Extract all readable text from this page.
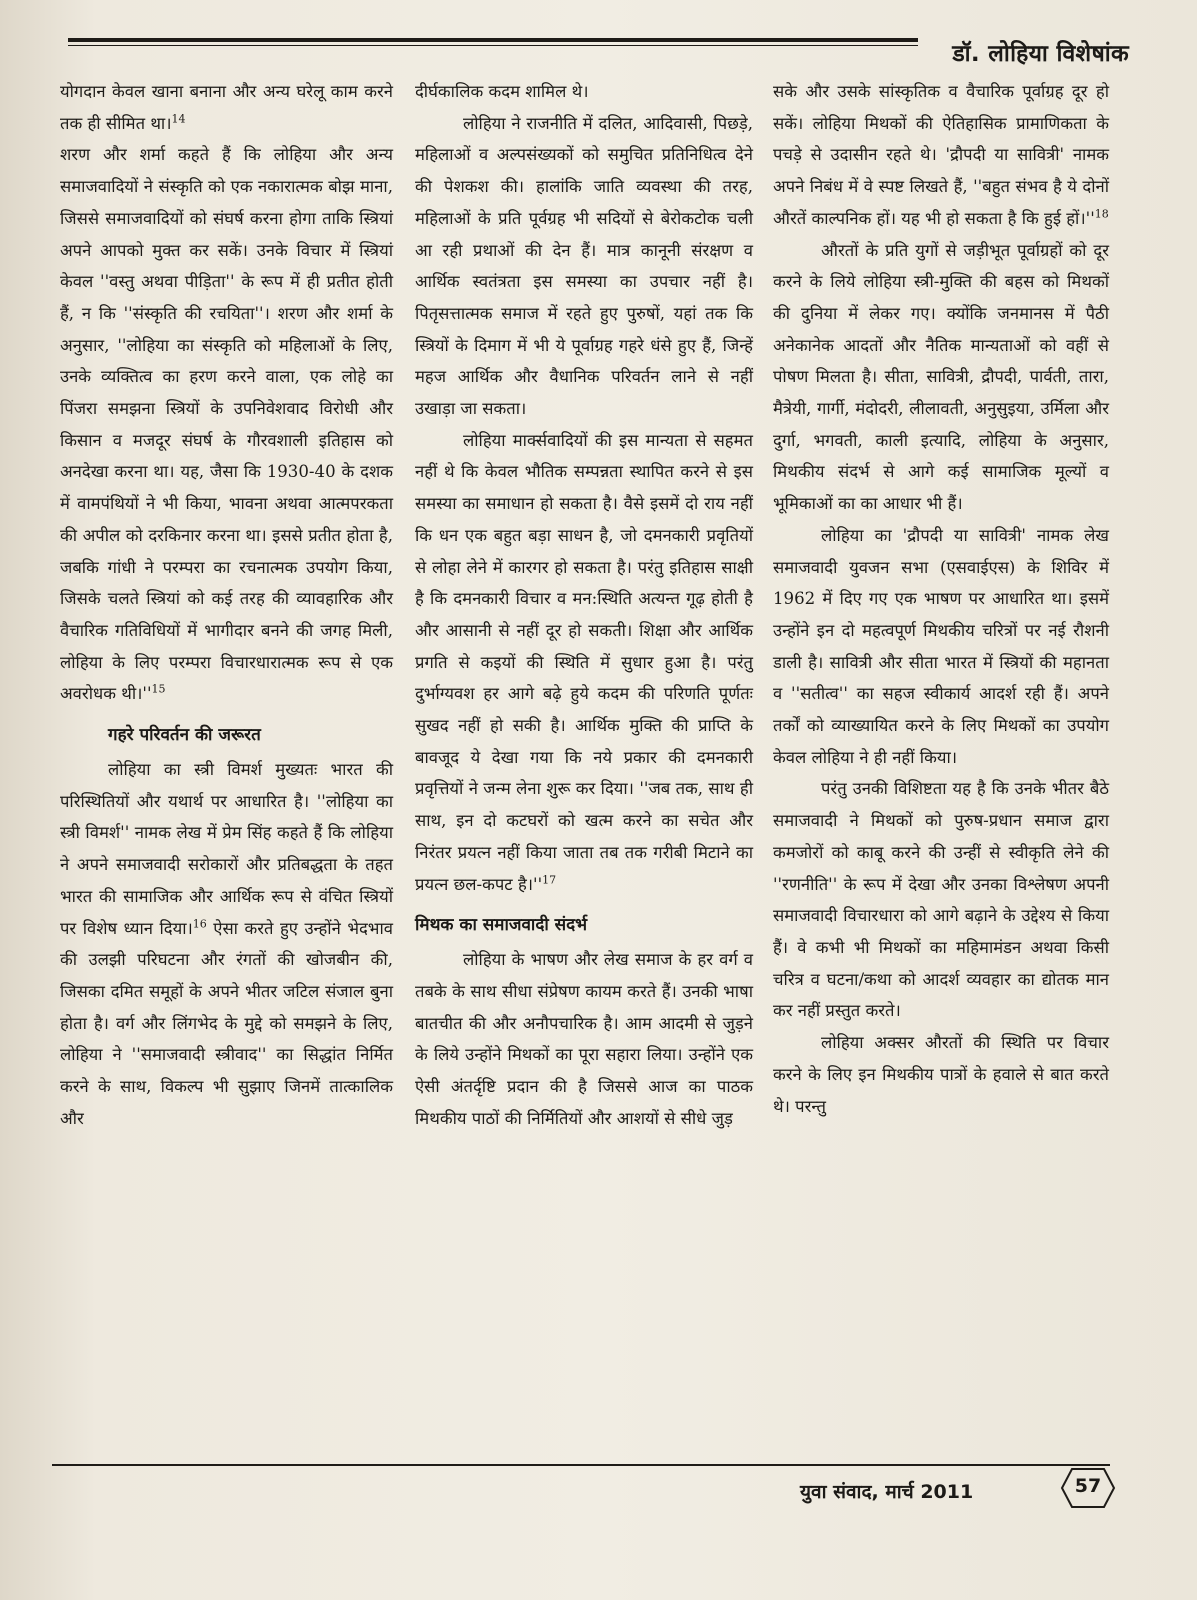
डॉ. लोहिया विशेषांक

योगदान केवल खाना बनाना और अन्य घरेलू काम करने तक ही सीमित था।$^{14}$

शरण और शर्मा कहते हैं कि लोहिया और अन्य समाजवादियों ने संस्कृति को एक नकारात्मक बोझ माना, जिससे समाजवादियों को संघर्ष करना होगा ताकि स्त्रियां अपने आपको मुक्त कर सकें। उनके विचार में स्त्रियां केवल ''वस्तु अथवा पीड़िता'' के रूप में ही प्रतीत होती हैं, न कि ''संस्कृति की रचयिता''। शरण और शर्मा के अनुसार, ''लोहिया का संस्कृति को महिलाओं के लिए, उनके व्यक्तित्व का हरण करने वाला, एक लोहे का पिंजरा समझना स्त्रियों के उपनिवेशवाद विरोधी और किसान व मजदूर संघर्ष के गौरवशाली इतिहास को अनदेखा करना था। यह, जैसा कि 1930-40 के दशक में वामपंथियों ने भी किया, भावना अथवा आत्मपरकता की अपील को दरकिनार करना था। इससे प्रतीत होता है, जबकि गांधी ने परम्परा का रचनात्मक उपयोग किया, जिसके चलते स्त्रियां को कई तरह की व्यावहारिक और वैचारिक गतिविधियों में भागीदार बनने की जगह मिली, लोहिया के लिए परम्परा विचारधारात्मक रूप से एक अवरोधक $थी।''^{15}$

गहरे परिवर्तन की जरूरत

लोहिया का स्त्री विमर्श मुख्यतः भारत की परिस्थितियों और यथार्थ पर आधारित है। ''लोहिया का स्त्री विमर्श'' नामक लेख में प्रेम सिंह कहते हैं कि लोहिया ने अपने समाजवादी सरोकारों और प्रतिबद्धता के तहत भारत की सामाजिक और आर्थिक रूप से वंचित स्त्रियों पर विशेष ध्यान दिया।$^{16}$ ऐसा करते हुए उन्होंने भेदभाव की उलझी परिघटना और रंगतों की खोजबीन की, जिसका दमित समूहों के अपने भीतर जटिल संजाल बुना होता है। वर्ग और लिंगभेद के मुद्दे को समझने के लिए, लोहिया ने ''समाजवादी स्त्रीवाद'' का सिद्धांत निर्मित करने के साथ, विकल्प भी सुझाए जिनमें तात्कालिक और

दीर्घकालिक कदम शामिल थे।

लोहिया ने राजनीति में दलित, आदिवासी, पिछड़े, महिलाओं व अल्पसंख्यकों को समुचित प्रतिनिधित्व देने की पेशकश की। हालांकि जाति व्यवस्था की तरह, महिलाओं के प्रति पूर्वग्रह भी सदियों से बेरोकटोक चली आ रही प्रथाओं की देन हैं। मात्र कानूनी संरक्षण व आर्थिक स्वतंत्रता इस समस्या का उपचार नहीं है। पितृसत्तात्मक समाज में रहते हुए पुरुषों, यहां तक कि स्त्रियों के दिमाग में भी ये पूर्वाग्रह गहरे धंसे हुए हैं, जिन्हें महज आर्थिक और वैधानिक परिवर्तन लाने से नहीं उखाड़ा जा सकता।

लोहिया मार्क्सवादियों की इस मान्यता से सहमत नहीं थे कि केवल भौतिक सम्पन्नता स्थापित करने से इस समस्या का समाधान हो सकता है। वैसे इसमें दो राय नहीं कि धन एक बहुत बड़ा साधन है, जो दमनकारी प्रवृतियों से लोहा लेने में कारगर हो सकता है। परंतु इतिहास साक्षी है कि दमनकारी विचार व मन:स्थिति अत्यन्त गूढ़ होती है और आसानी से नहीं दूर हो सकती। शिक्षा और आर्थिक प्रगति से कइयों की स्थिति में सुधार हुआ है। परंतु दुर्भाग्यवश हर आगे बढ़े हुये कदम की परिणति पूर्णतः सुखद नहीं हो सकी है। आर्थिक मुक्ति की प्राप्ति के बावजूद ये देखा गया कि नये प्रकार की दमनकारी प्रवृत्तियों ने जन्म लेना शुरू कर दिया। ''जब तक, साथ ही साथ, इन दो कटघरों को खत्म करने का सचेत और निरंतर प्रयत्न नहीं किया जाता तब तक गरीबी मिटाने का प्रयत्न छल-कपट $है।''^{17}$

मिथक का समाजवादी संदर्भ

लोहिया के भाषण और लेख समाज के हर वर्ग व तबके के साथ सीधा संप्रेषण कायम करते हैं। उनकी भाषा बातचीत की और अनौपचारिक है। आम आदमी से जुड़ने के लिये उन्होंने मिथकों का पूरा सहारा लिया। उन्होंने एक ऐसी अंतर्दृष्टि प्रदान की है जिससे आज का पाठक मिथकीय पाठों की निर्मितियों और आशयों से सीधे जुड़

सके और उसके सांस्कृतिक व वैचारिक पूर्वाग्रह दूर हो सकें। लोहिया मिथकों की ऐतिहासिक प्रामाणिकता के पचड़े से उदासीन रहते थे। 'द्रौपदी या सावित्री' नामक अपने निबंध में वे स्पष्ट लिखते हैं, ''बहुत संभव है ये दोनों औरतें काल्पनिक हों। यह भी हो सकता है कि हुई $हों।''^{18}$

औरतों के प्रति युगों से जड़ीभूत पूर्वाग्रहों को दूर करने के लिये लोहिया स्त्री-मुक्ति की बहस को मिथकों की दुनिया में लेकर गए। क्योंकि जनमानस में पैठी अनेकानेक आदतों और नैतिक मान्यताओं को वहीं से पोषण मिलता है। सीता, सावित्री, द्रौपदी, पार्वती, तारा, मैत्रेयी, गार्गी, मंदोदरी, लीलावती, अनुसुइया, उर्मिला और दुर्गा, भगवती, काली इत्यादि, लोहिया के अनुसार, मिथकीय संदर्भ से आगे कई सामाजिक मूल्यों व भूमिकाओं का का आधार भी हैं।

लोहिया का 'द्रौपदी या सावित्री' नामक लेख समाजवादी युवजन सभा (एसवाईएस) के शिविर में 1962 में दिए गए एक भाषण पर आधारित था। इसमें उन्होंने इन दो महत्वपूर्ण मिथकीय चरित्रों पर नई रौशनी डाली है। सावित्री और सीता भारत में स्त्रियों की महानता व ''सतीत्व'' का सहज स्वीकार्य आदर्श रही हैं। अपने तर्कों को व्याख्यायित करने के लिए मिथकों का उपयोग केवल लोहिया ने ही नहीं किया।

परंतु उनकी विशिष्टता यह है कि उनके भीतर बैठे समाजवादी ने मिथकों को पुरुष-प्रधान समाज द्वारा कमजोरों को काबू करने की उन्हीं से स्वीकृति लेने की ''रणनीति'' के रूप में देखा और उनका विश्लेषण अपनी समाजवादी विचारधारा को आगे बढ़ाने के उद्देश्य से किया हैं। वे कभी भी मिथकों का महिमामंडन अथवा किसी चरित्र व घटना/कथा को आदर्श व्यवहार का द्योतक मान कर नहीं प्रस्तुत करते।

लोहिया अक्सर औरतों की स्थिति पर विचार करने के लिए इन मिथकीय पात्रों के हवाले से बात करते थे। परन्तु

युवा संवाद, मार्च 2011	57
